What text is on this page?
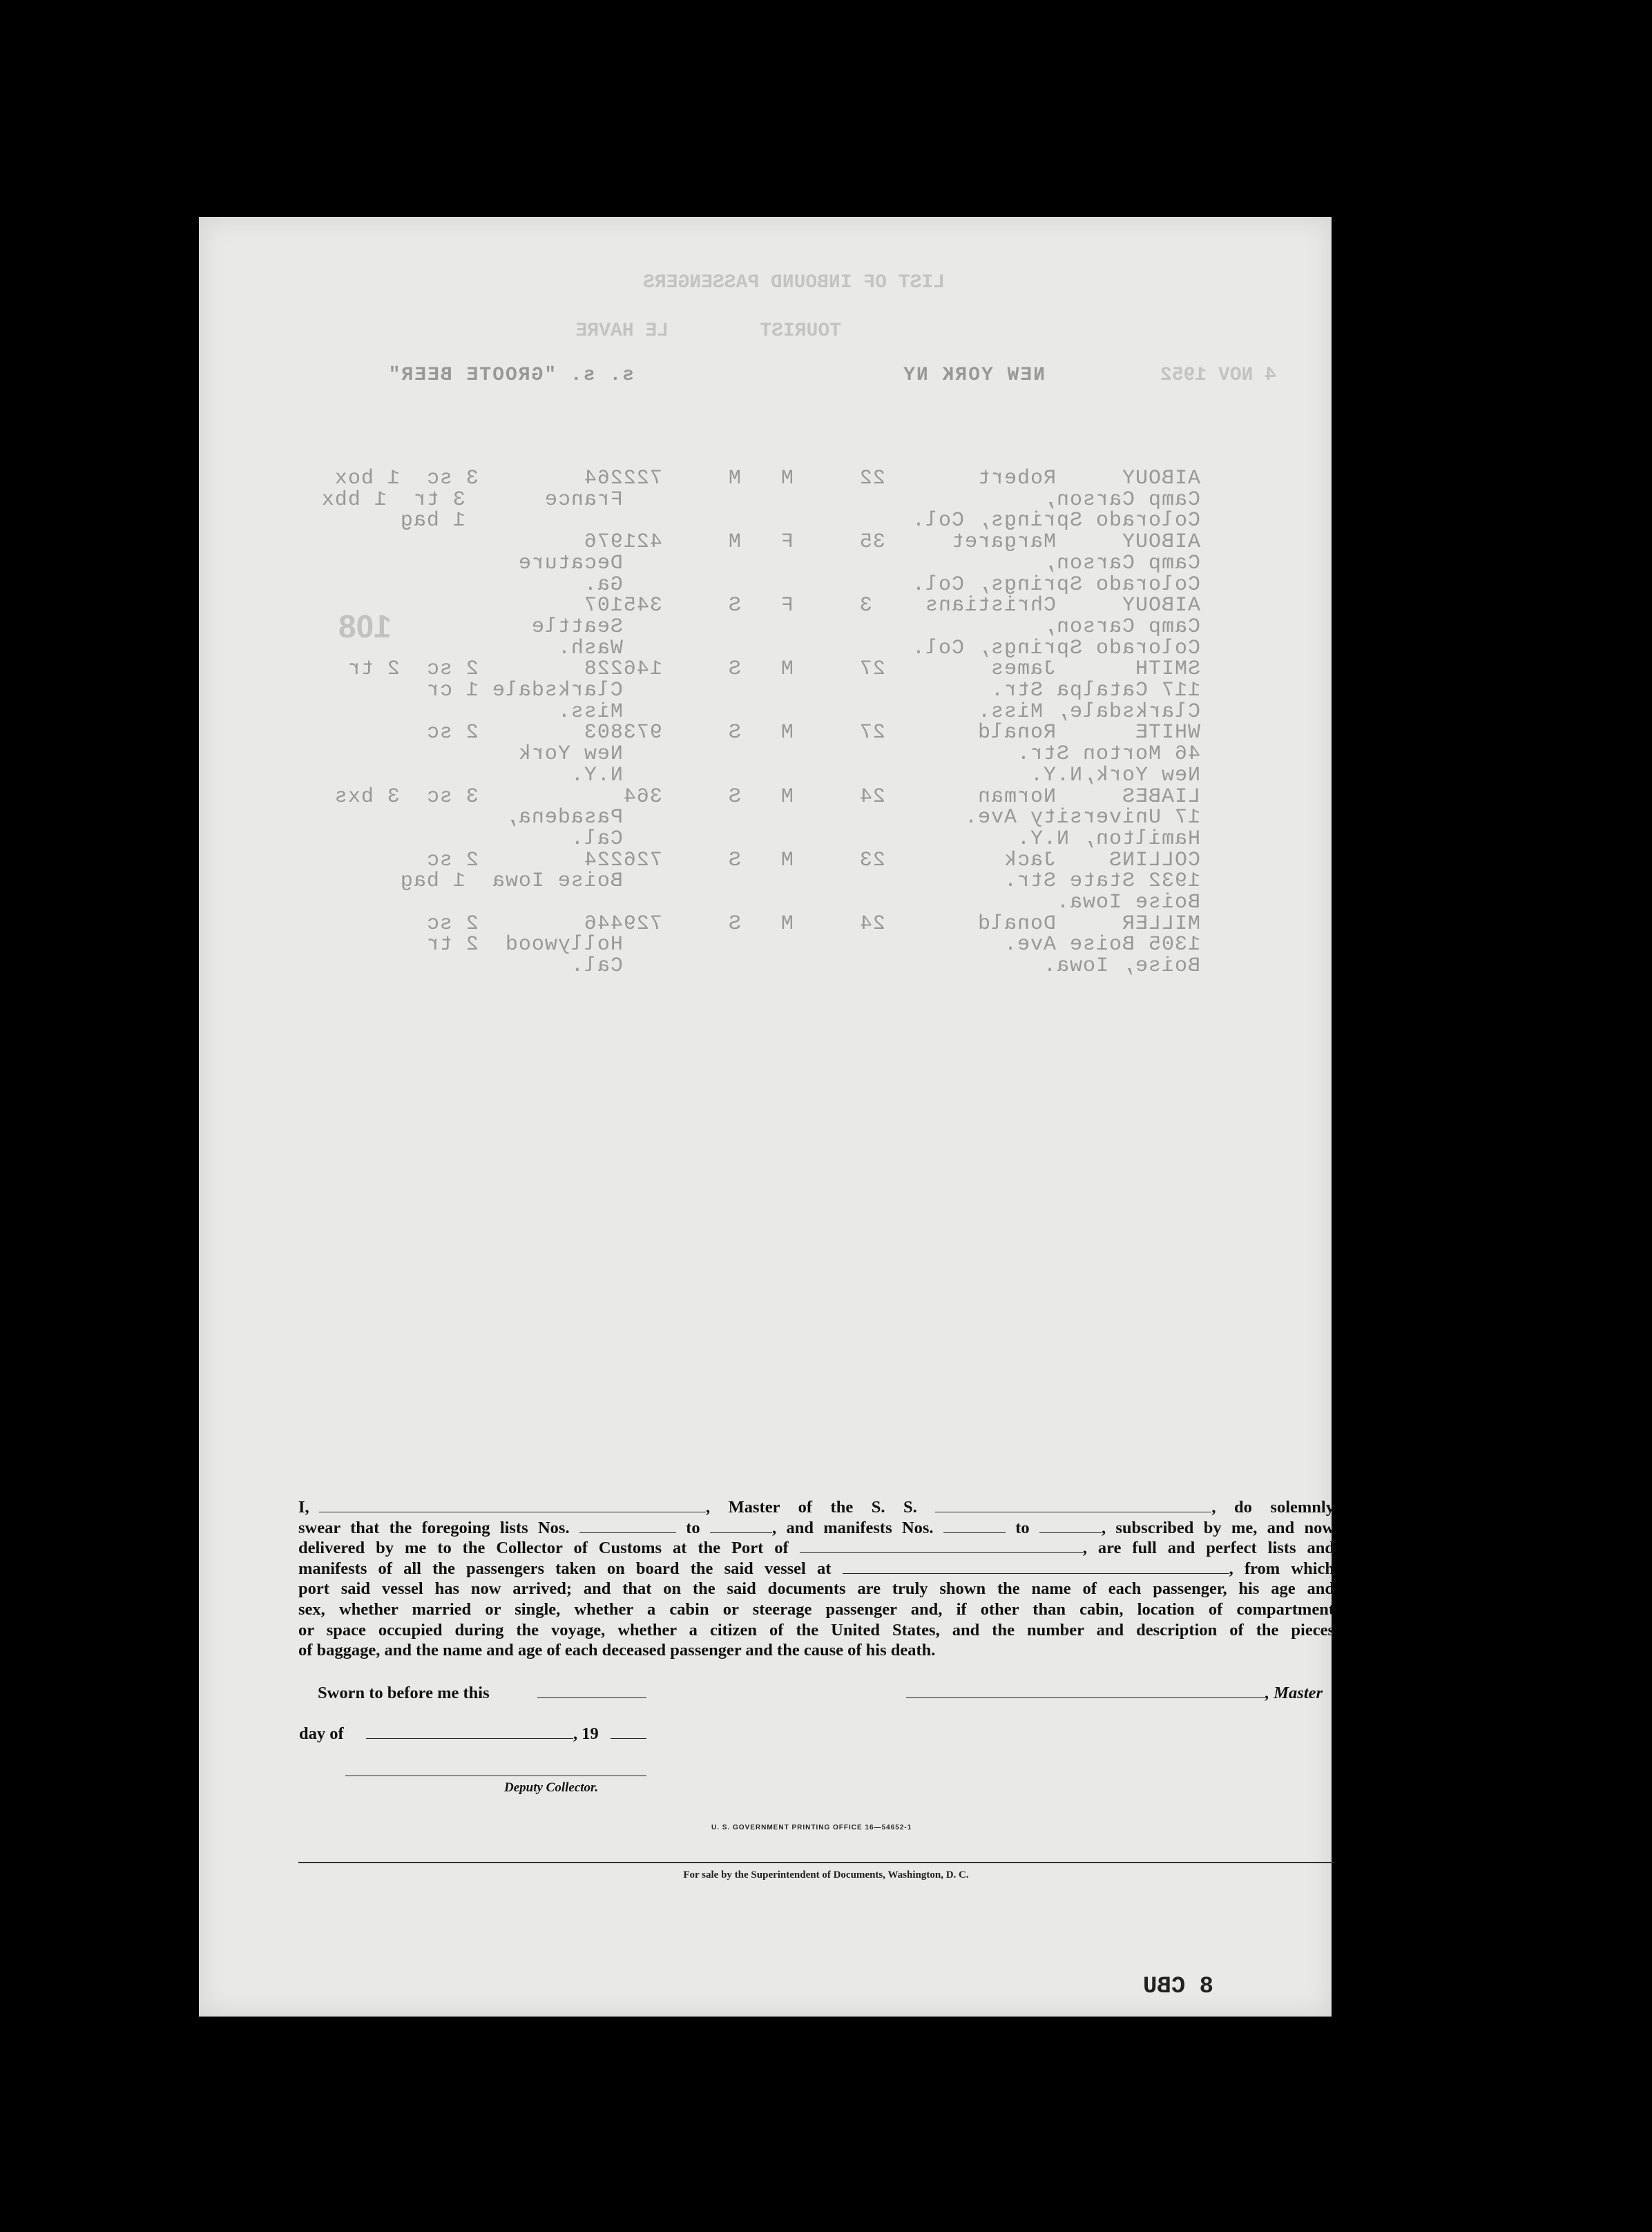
LIST OF INBOUND PASSENGERS
TOURIST
LE HAVRE
s. s. "GROOTE BEER"	NEW YORK NY	4 NOV 1952
AIBOUY     Robert       22     M   M     722264        3 sc  1 box
Camp Carson,                                France      3 tr  1 bbx
Colorado Springs, Col.                                  1 bag
AIBOUY     Margaret     35     F   M     421976
Camp Carson,                                Decature
Colorado Springs, Col.                      Ga.
AIBOUY     Christians    3     F   S     345107
Camp Carson,                                Seattle
Colorado Springs, Col.                      Wash.
SMITH      James        27     M   S     146228        2 sc  2 tr
117 Catalpa Str.                            Clarksdale 1 cr
Clarksdale, Miss.                           Miss.
WHITE      Ronald       27     M   S     973803        2 sc
46 Morton Str.                              New York
New York,N.Y.                               N.Y.
LIABES     Norman       24     M   S     364           3 sc  3 bxs
17 University Ave.                          Pasadena,
Hamilton, N.Y.                              Cal.
COLLINS    Jack         23     M   S     726224        2 sc
1932 State Str.                             Boise Iowa  1 bag
Boise Iowa.
MILLER     Donald       24     M   S     729446        2 sc
1305 Boise Ave.                             Hollywood  2 tr
Boise, Iowa.                                Cal.
108

I,	, Master of the S. S.	, do solemnly

swear that the foregoing lists Nos.	to	, and manifests Nos.	to	, subscribed by me, and now

delivered by me to the Collector of Customs at the Port of	, are full and perfect lists and

manifests of all the passengers taken on board the said vessel at	, from which

port said vessel has now arrived; and that on the said documents are truly shown the name of each passenger, his age and

sex, whether married or single, whether a cabin or steerage passenger and, if other than cabin, location of compartment

or space occupied during the voyage, whether a citizen of the United States, and the number and description of the pieces

of baggage, and the name and age of each deceased passenger and the cause of his death.

Sworn to before me this	, Master
day of	, 19
Deputy Collector.
U. S. GOVERNMENT PRINTING OFFICE 16—54652-1
For sale by the Superintendent of Documents, Washington, D. C.
8 CBU
